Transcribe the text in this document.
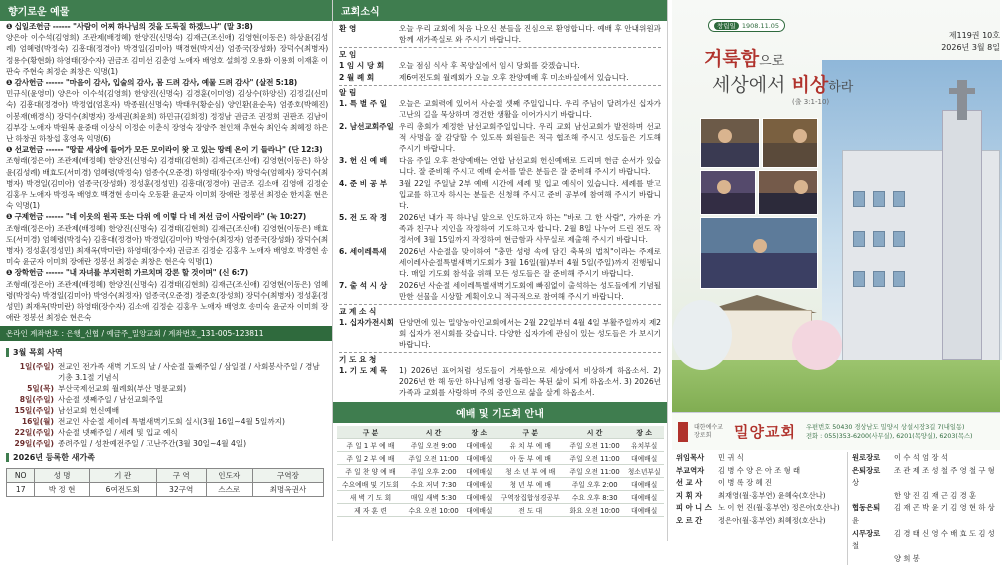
향기로운 예물
❶ 십일조헌금 ------ "사람이 어찌 하나님의 것을 도둑질 하겠느냐" (말 3:8)
양은아 이수석(김영희) 조관제(배정혜) 한양진(신명숙) 김재근(조신애) 김영현(이동은) 하상윤(김성례) 엄혜령(박정숙) 김흥대(정경아) 박경일(김미아) 백경현(박지선) 엄종국(장성화) 장덕수(최병자) 정용수(황현화) 하영태(장수자) 권금조 김미선 김춘엉 노애자 배영호 설희정 오용화 이용희 이재훈 이판숙 주현숙 최정순 최창은 익명(1)
❶ 감사헌금 ------ "마음이 감사, 입술의 감사, 몸 드려 감사, 예물 드려 감사" (살전 5:18)
민규식(윤영미) 양은아 이수석(김영희) 한양진(신명숙) 김경훈(이미영) 김상수(하양신) 김정길(신미숙) 김흥대(정경아) 박정엽(엄혼자) 박종원(신명숙) 박태우(황순심) 양인환(윤순옥) 엄종호(박혜진) 이봉재(배경식) 장덕수(최병자) 장세권(최윤희) 하민규(김희정) 정정남 권금조 권정희 권판조 김남이 김부강 노애자 박원복 윤중태 이상식 이정순 이춘식 장영숙 장양주 천인채 추현숙 최인숙 최혜정 하은난 하창권 하창섭 홍영옥 익명(6)
❶ 선교헌금 ------ "땅끝 세상에 들어가 모든 모이라이 왓 고 있는 땅레 온이 기 들라나" (단 12:3)
조형래(정은아) 조관제(배정혜) 한양진(신명숙) 김경태(김현희) 김재근(조신애) 김영현(이동은) 하상윤(김성례) 배효도(서미경) 엄혜령(박정숙) 엄종수(오준경) 하영태(장수자) 박영숙(엄혜자) 장덕수(최병자) 박경일(김미아) 엄종국(장성화) 정성훈(정성민) 김흥대(정경아) 권금조 김소애 김영애 김정순 김홍우 노애자 박정옥 배영호 백경현 송미숙 오동환 윤군자 이미희 장애란 정봉선 최정순 한지훈 현은숙 익명(1)
❶ 구제헌금 ------ "네 이웃의 원곡 또는 다위 에 이렇 다 네 저선 금이 사람이라" (눅 10:27)
조형래(정은아) 조관제(배정혜) 한양진(신명숙) 김경태(김현희) 김재근(조신애) 김영현(이동은) 배효도(서미경) 엄혜령(박정숙) 김흥대(정경아) 박경일(김미아) 박영수(최정자) 엄종국(장성화) 장덕수(최병자) 정성훈(정성민) 최재옥(박미란) 하영태(장수자) 권금조 김정순 김홍우 노애자 배영호 박경현 송미숙 윤군자 이미희 장애란 정봉선 최정순 최창은 현은숙 익명(1)
❶ 장학헌금 ------ "내 자녀를 부지런히 가르치며 강론 할 것이며" (신 6:7)
조형래(정은아) 조관제(배정혜) 한양진(신명숙) 김경태(김현희) 김재근(조신애) 김영현(이동은) 엄혜령(박정숙) 박경일(김미아) 박영수(최정자) 엄종국(오준경) 정준호(장성희) 장덕수(최병자) 정성훈(정성민) 최재옥(박미란) 하영태(장수자) 김소애 김정순 김홍우 노애자 배영호 송미숙 윤군자 이미희 장애란 정봉선 최정순 현은숙
온라인 계좌번호 : 은행_신협 / 예금주_밀양교회 / 계좌번호_131-005-123811
3월 목회 사역
1일(주일) 전교인 전가족 새벽 기도의 날 / 사순절 둘째주일 / 삼일절 / 사회봉사주일 / 경남기총 3.1절 기념식
5일(목) 부산국제선교회 월례회(부산 명륜교회)
8일(주일) 사순절 셋째주일 / 남선교회주일
15일(주일) 남선교회 헌신예배
16일(월) 전교인 사순절 세이레 특별새벽기도회 실시(3월 16일~4월 5일까지)
22일(주일) 사순절 넷째주일 / 세례 및 입교 예식
29일(주일) 종려주일 / 성찬예전주일 / 고난주간(3월 30일~4월 4일)
2026년 등록한 새가족
NO	성 명	기 관	구 역	인도자	구역장
17	박 정 현	6여전도회	32구역	스스로	최명옥권사
교회소식
환 영	오늘 우리 교회에 처음 나오신 분들을 진심으로 환영합니다. 예배 후 안내위원과 함께 새가족실로 와 주시기 바랍니다.
모 임
1 임 시 당 회	오늘 점심 식사 후 목양실에서 임시 당회를 갖겠습니다.
2 월 례 회	제6여전도회 월례회가 오늘 오후 찬양예배 후 미소바실에서 있습니다.
알 림
1. 특 별 주 일	오늘은 교회력에 있어서 사순절 셋째 주일입니다. 우리 주님이 달려가신 십자가 고난의 길을 묵상하며 경건한 생활을 이어가시기 바랍니다.
2. 남선교회주일 우리 총회가 제정한 남선교회주일입니다. 우리 교회 남선교회가 발전하며 선교적 사명을 잘 감당할 수 있도록 회원들은 적극 협조해 주시고 성도들은 기도해 주시기 바랍니다.
3. 헌 신 예 배	다음 주일 오후 찬양예배는 연합 남선교회 헌신예배로 드리며 헌금 순서가 있습니다. 잘 준비해 주시고 예배 순서를 맡은 분들은 잘 준비해 주시기 바랍니다.
4. 준 비 공 부	3월 22일 주일날 2부 예배 시간에 세례 및 입교 예식이 있습니다. 세례를 받고 입교를 하고자 하시는 분들은 신청해 주시고 준비 공부에 참여해 주시기 바랍니다.
5. 전 도 작 정	2026년 내가 꼭 하나님 앞으로 인도하고자 하는 "바로 그 한 사람", 가까운 가족과 친구나 지인을 작정하여 기도하고자 합니다. 2월 8일 나누어 드린 전도 작정서에 3월 15일까지 작정하여 현금함과 사무실로 제출해 주시기 바랍니다.
6. 세이레특새	2026년 사순절을 맞이하여 "충만 성령 속에 담긴 축복의 법칙"이라는 주제로 세이레사순절특별새벽기도회가 3월 16일(월)부터 4월 5일(주일)까지 진행됩니다. 매일 기도회 참석을 위해 모든 성도들은 잘 준비해 주시기 바랍니다.
7. 출 석 시 상	2026년 사순절 세이레특별새벽기도회에 빠짐없이 출석하는 성도들에게 기념될 만한 선물을 시상할 계획이오니 적극적으로 참여해 주시기 바랍니다.
교 계 소 식
1. 십자가전시회 단양면에 있는 밀양농아인교회에서는 2월 22일부터 4월 4일 부활주일까지 제2회 십자가 전시회를 갖습니다. 다양한 십자가에 관심이 있는 성도들은 가 보시기 바랍니다.
기 도 요 청
1. 기 도 제 목	1) 2026년 표어처럼 성도들이 거룩함으로 세상에서 비상하게 하옵소서. 2) 2026년 한 해 동안 하나님께 영광 돌리는 복된 삶이 되게 하옵소서. 3) 2026년 가족과 교회를 사랑하며 주의 증인으로 삶을 살게 하옵소서.
예배 및 기도회 안내
구 분	시 간	장 소	구 분	시 간	장 소
주 일 1 부 예 배	주일 오전 9:00	대예배실	유 치 부 예 배	주일 오전 11:00	유치부실
주 일 2 부 예 배	주일 오전 11:00	대예배실	아 동 부 예 배	주일 오전 11:00	대예배실
주 일 찬 양 예 배	주일 오후 2:00	대예배실	청 소 년 부 예 배	주일 오전 11:00	청소년부실
수요예배 및 기도회	수요 저녁 7:30	대예배실	청 년 부 예 배	주일 오후 2:00	대예배실
새 벽 기 도 회	매일 새벽 5:30	대예배실	구역장집합성경공부	수요 오후 8:30	대예배실
제 자 훈 련	수요 오전 10:00	대예배실	전 도 대	화요 오전 10:00	대예배실
창립일 1908.11.05
제119권 10호
2026년 3월 8일
거룩함으로
세상에서 비상하라
(출 3:1-10)
대한예수교 장로회	밀양교회 우편번호 50430 경상남도 밀양시 상설시장3길 7(내일동)
전화 : 055)353-6200(사무실), 6201(목양실), 6203(목스)
위임목사 민 귀 식
부교역자 김 병 수 양 은 아 조 형 래
선 교 사 이 병 록 장 혜 진
지 휘 자 최재영(월·홍부연) 윤혜숙(호산나)
피 아 니 스 노 이 헌 진(월·홍부연) 정은아(호산나)
오 르 간 정은아(월·홍부연) 최혜정(호산나)
원로장로 이 수 석 엄 장 석
은퇴장로 조 관 제 조 성 철 주 영 철 구 형 상
한 양 진 김 재 근 김 경 훈
협동은퇴 김 재 곤 박 윤 기 김 영 현 하 상 윤
시무장로 김 경 태 신 영 수 배 효 도 김 성 철
양 희 봉
